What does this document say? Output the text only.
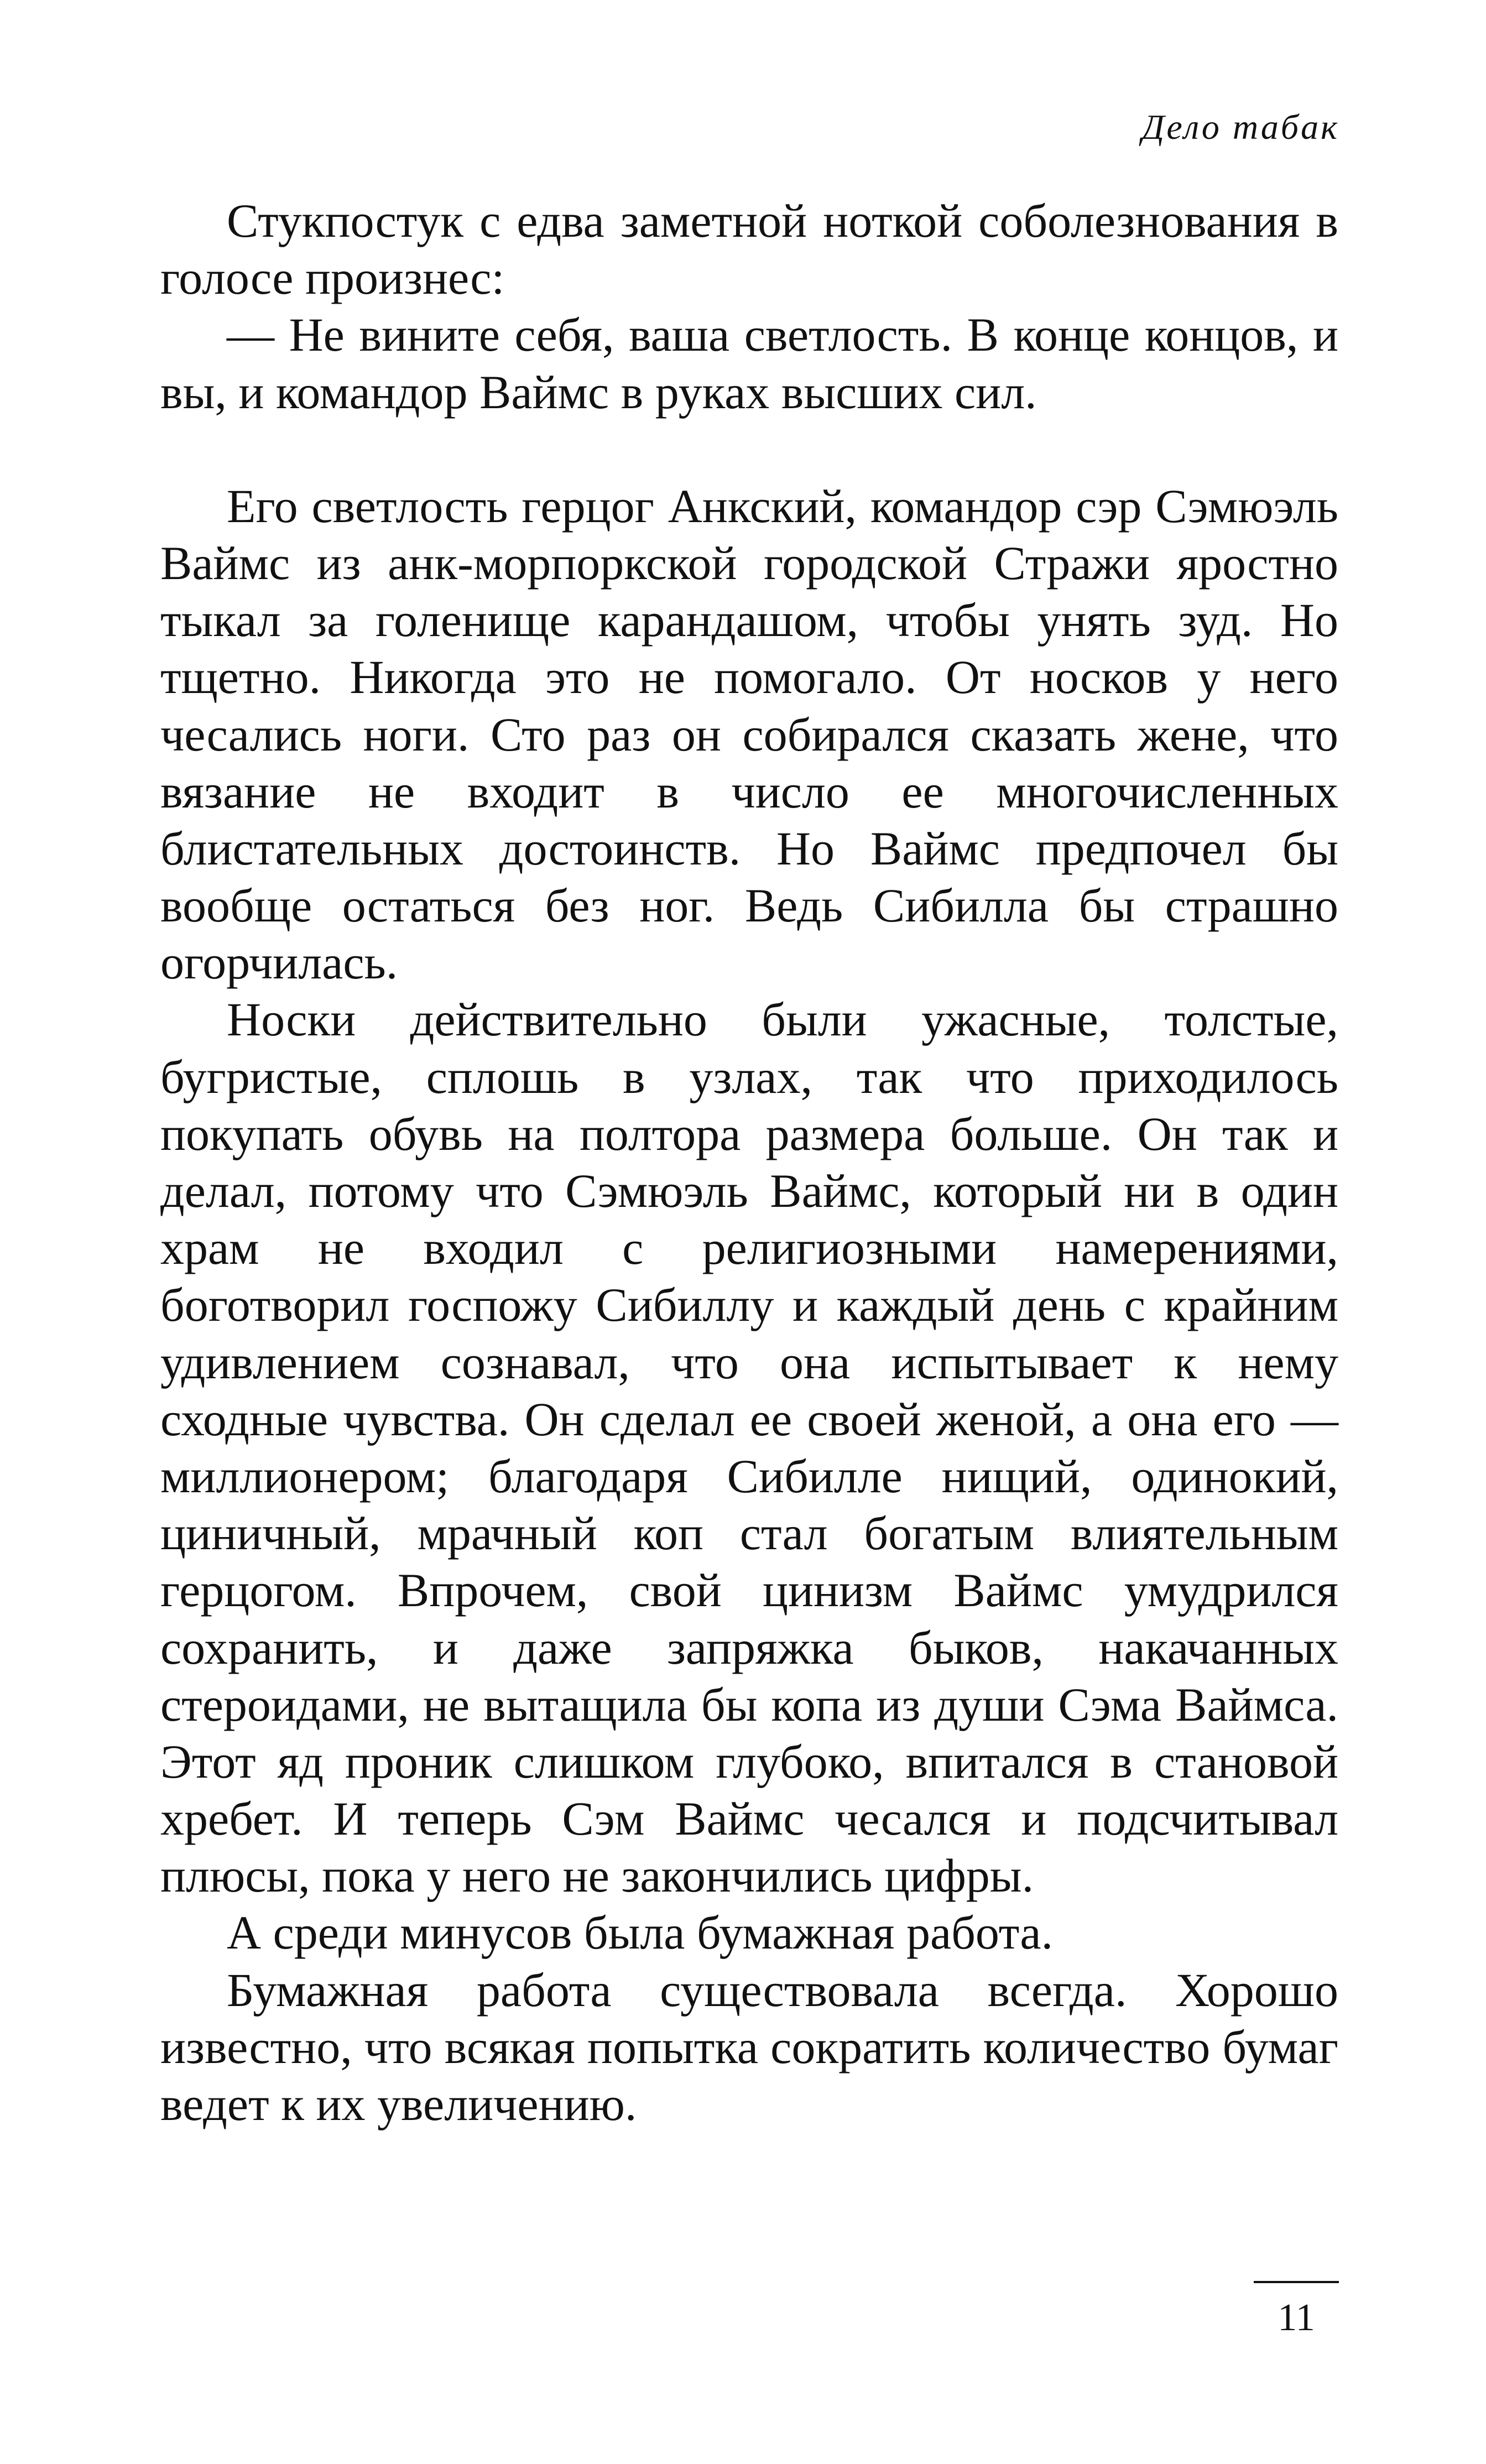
Дело табак

Стукпостук с едва заметной ноткой соболезнования в голосе произнес:

— Не вините себя, ваша светлость. В конце концов, и вы, и командор Ваймс в руках высших сил.

Его светлость герцог Анкский, командор сэр Сэмюэль Ваймс из анк-морпоркской городской Стражи яростно тыкал за голенище карандашом, чтобы унять зуд. Но тщетно. Никогда это не помогало. От носков у него чесались ноги. Сто раз он собирался сказать жене, что вязание не входит в число ее многочисленных блистательных достоинств. Но Ваймс предпочел бы вообще остаться без ног. Ведь Сибилла бы страшно огорчилась.

Носки действительно были ужасные, толстые, бугристые, сплошь в узлах, так что приходилось покупать обувь на полтора размера больше. Он так и делал, потому что Сэмюэль Ваймс, который ни в один храм не входил с религиозными намерениями, боготворил госпожу Сибиллу и каждый день с крайним удивлением сознавал, что она испытывает к нему сходные чувства. Он сделал ее своей женой, а она его — миллионером; благодаря Сибилле нищий, одинокий, циничный, мрачный коп стал богатым влиятельным герцогом. Впрочем, свой цинизм Ваймс умудрился сохранить, и даже запряжка быков, накачанных стероидами, не вытащила бы копа из души Сэма Ваймса. Этот яд проник слишком глубоко, впитался в становой хребет. И теперь Сэм Ваймс чесался и подсчитывал плюсы, пока у него не закончились цифры.

А среди минусов была бумажная работа.

Бумажная работа существовала всегда. Хорошо известно, что всякая попытка сократить количество бумаг ведет к их увеличению.

11
